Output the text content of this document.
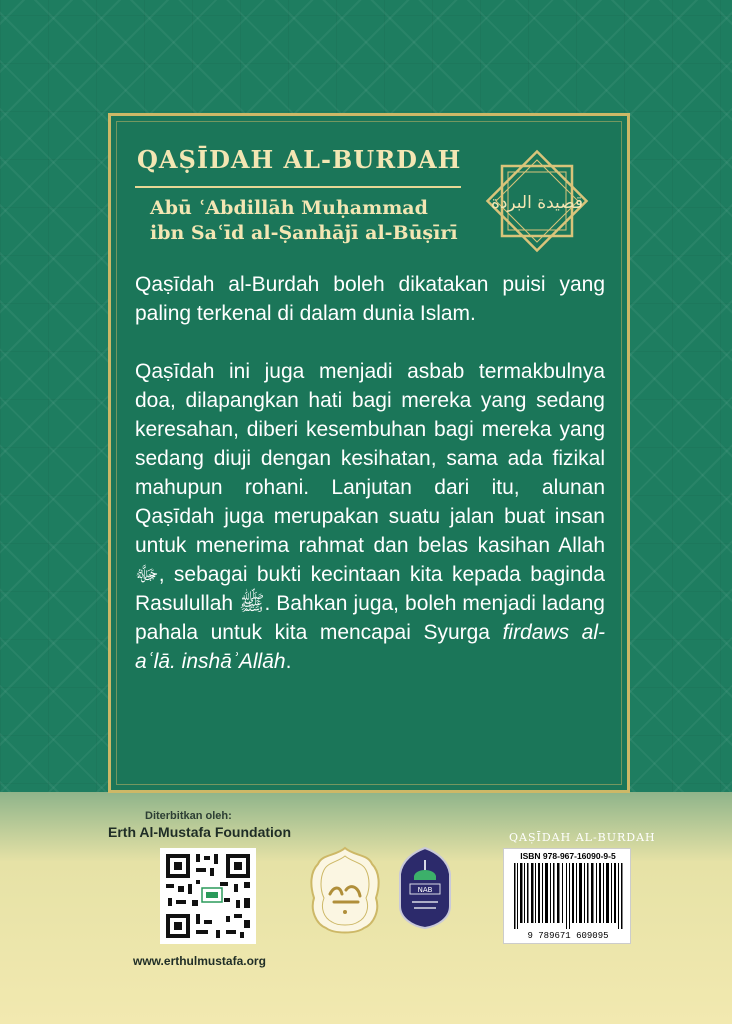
QAṢĪDAH AL-BURDAH
Abū ʿAbdillāh Muḥammad
ibn Saʿīd al-Ṣanhājī al-Būṣīrī
قصيدة البردة

Qaṣīdah al-Burdah boleh dikatakan puisi yang paling terkenal di dalam dunia Islam.

Qaṣīdah ini juga menjadi asbab termakbulnya doa, dilapangkan hati bagi mereka yang sedang keresahan, diberi kesembuhan bagi mereka yang sedang diuji dengan kesihatan, sama ada fizikal mahupun rohani. Lanjutan dari itu, alunan Qaṣīdah juga merupakan suatu jalan buat insan untuk menerima rahmat dan belas kasihan Allah ﷻ, sebagai bukti kecintaan kita kepada baginda Rasulullah ﷺ. Bahkan juga, boleh menjadi ladang pahala untuk kita mencapai Syurga firdaws al-aʿlā. inshāʾAllāh.

Diterbitkan oleh:
Erth Al-Mustafa Foundation
www.erthulmustafa.org
NAB
QAṢĪDAH AL-BURDAH
ISBN 978-967-16090-9-5
9 789671 609095
